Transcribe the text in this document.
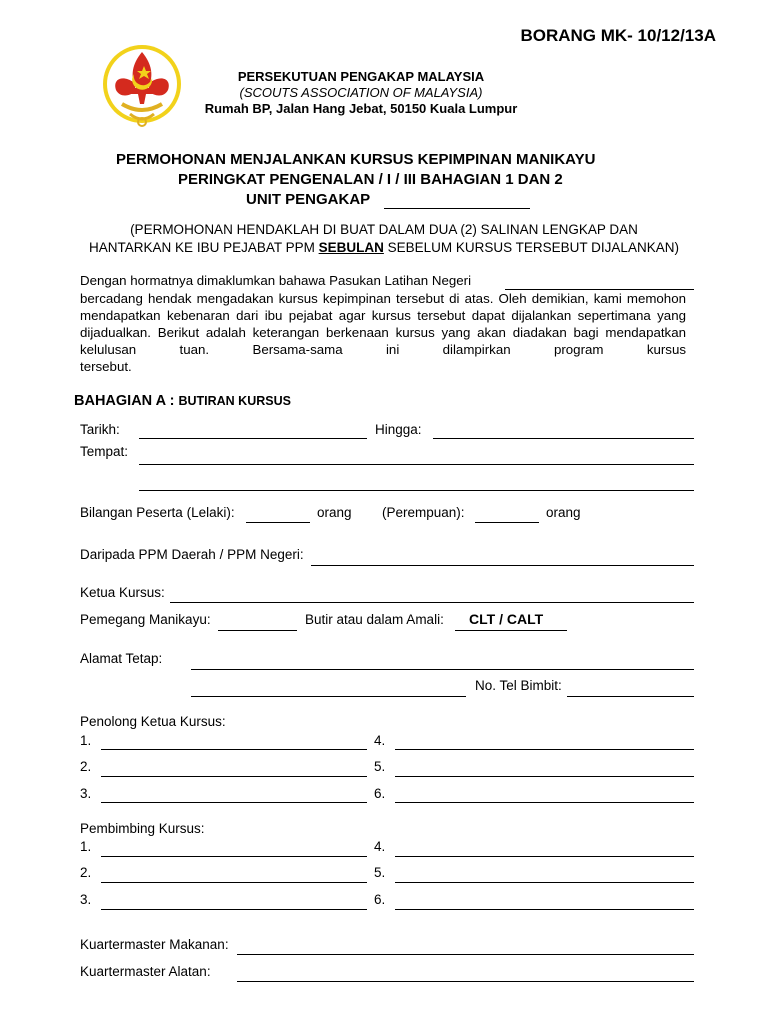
BORANG MK- 10/12/13A
PERSEKUTUAN PENGAKAP MALAYSIA
(SCOUTS ASSOCIATION OF MALAYSIA)
Rumah BP, Jalan Hang Jebat, 50150 Kuala Lumpur
PERMOHONAN MENJALANKAN KURSUS KEPIMPINAN MANIKAYU
PERINGKAT PENGENALAN / I / III BAHAGIAN 1 DAN 2
UNIT PENGAKAP
(PERMOHONAN HENDAKLAH DI BUAT DALAM DUA (2) SALINAN LENGKAP DAN
HANTARKAN KE IBU PEJABAT PPM SEBULAN SEBELUM KURSUS TERSEBUT DIJALANKAN)
Dengan hormatnya dimaklumkan bahawa Pasukan Latihan Negeri
bercadang hendak mengadakan kursus kepimpinan tersebut di atas. Oleh demikian, kami memohon mendapatkan kebenaran dari ibu pejabat agar kursus tersebut dapat dijalankan sepertimana yang dijadualkan. Berikut adalah keterangan berkenaan kursus yang akan diadakan bagi mendapatkan kelulusan tuan. Bersama-sama ini dilampirkan program kursus
tersebut.
BAHAGIAN A : BUTIRAN KURSUS
Tarikh:	Hingga:
Tempat:
Bilangan Peserta (Lelaki):	orang (Perempuan):	orang
Daripada PPM Daerah / PPM Negeri:
Ketua Kursus:
Pemegang Manikayu:	Butir atau dalam Amali: CLT / CALT
Alamat Tetap:
No. Tel Bimbit:
Penolong Ketua Kursus:
1.	4.
2.	5.
3.	6.
Pembimbing Kursus:
1.	4.
2.	5.
3.	6.
Kuartermaster Makanan:
Kuartermaster Alatan:
